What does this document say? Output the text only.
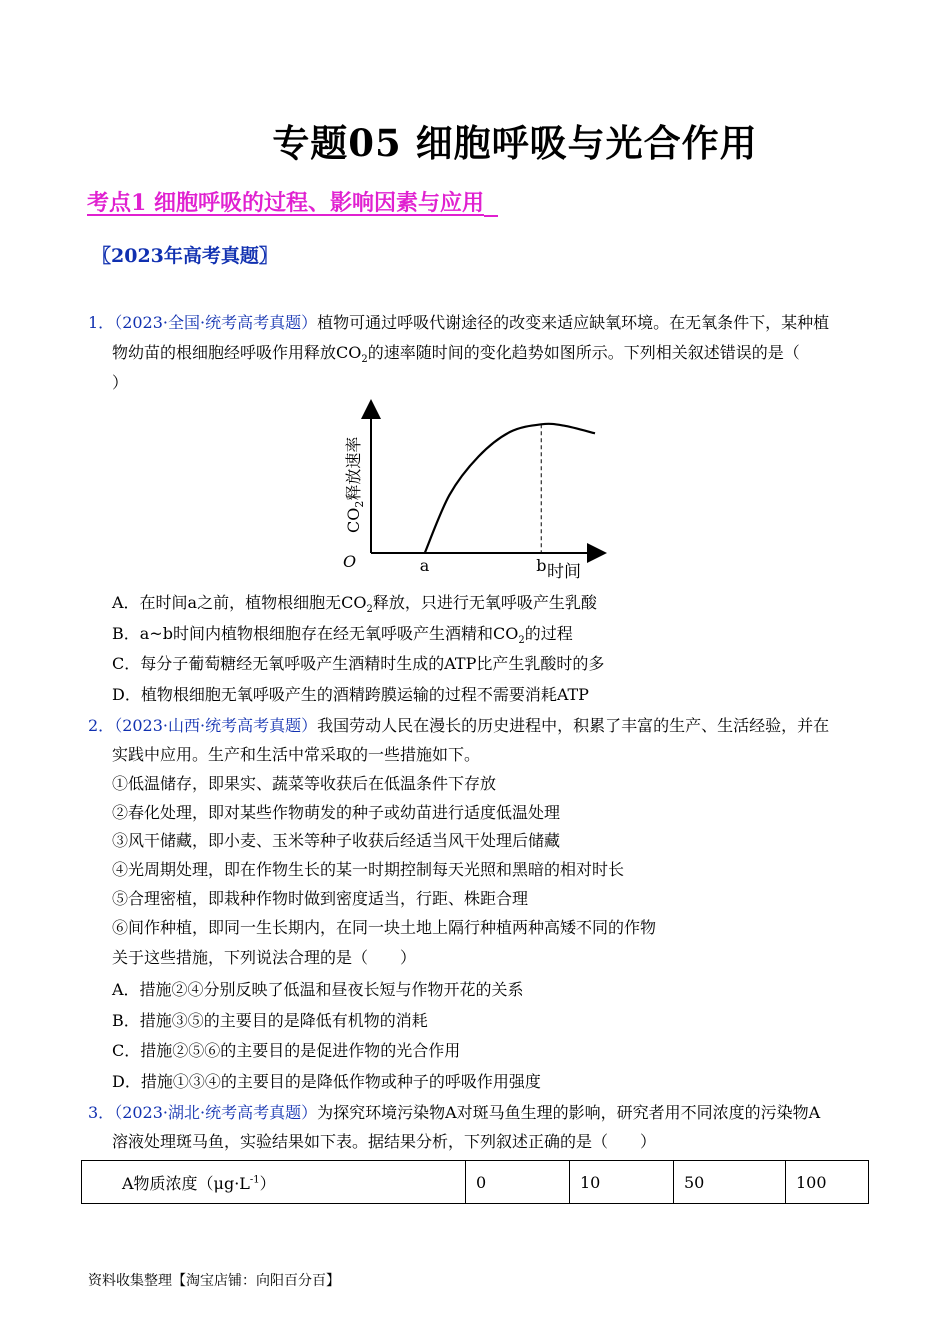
专题05 细胞呼吸与光合作用
考点1 细胞呼吸的过程、影响因素与应用
〖2023年高考真题〗
1．（2023·全国·统考高考真题）植物可通过呼吸代谢途径的改变来适应缺氧环境。在无氧条件下，某种植
物幼苗的根细胞经呼吸作用释放$CO_2$的速率随时间的变化趋势如图所示。下列相关叙述错误的是（
）
$CO_2$释放速率
O	a	b 时间
A．在时间a之前，植物根细胞无$CO_2$释放，只进行无氧呼吸产生乳酸
B．a~b时间内植物根细胞存在经无氧呼吸产生酒精和$CO_2$的过程
C．每分子葡萄糖经无氧呼吸产生酒精时生成的ATP比产生乳酸时的多
D．植物根细胞无氧呼吸产生的酒精跨膜运输的过程不需要消耗ATP
2．（2023·山西·统考高考真题）我国劳动人民在漫长的历史进程中，积累了丰富的生产、生活经验，并在
实践中应用。生产和生活中常采取的一些措施如下。
①低温储存，即果实、蔬菜等收获后在低温条件下存放
②春化处理，即对某些作物萌发的种子或幼苗进行适度低温处理
③风干储藏，即小麦、玉米等种子收获后经适当风干处理后储藏
④光周期处理，即在作物生长的某一时期控制每天光照和黑暗的相对时长
⑤合理密植，即栽种作物时做到密度适当，行距、株距合理
⑥间作种植，即同一生长期内，在同一块土地上隔行种植两种高矮不同的作物
关于这些措施，下列说法合理的是（　　）
A．措施②④分别反映了低温和昼夜长短与作物开花的关系
B．措施③⑤的主要目的是降低有机物的消耗
C．措施②⑤⑥的主要目的是促进作物的光合作用
D．措施①③④的主要目的是降低作物或种子的呼吸作用强度
3．（2023·湖北·统考高考真题）为探究环境污染物A对斑马鱼生理的影响，研究者用不同浓度的污染物A
溶液处理斑马鱼，实验结果如下表。据结果分析，下列叙述正确的是（　　）
A物质浓度$(\mu g\cdot L^{-1})$	0	10	50	100
资料收集整理【淘宝店铺：向阳百分百】
